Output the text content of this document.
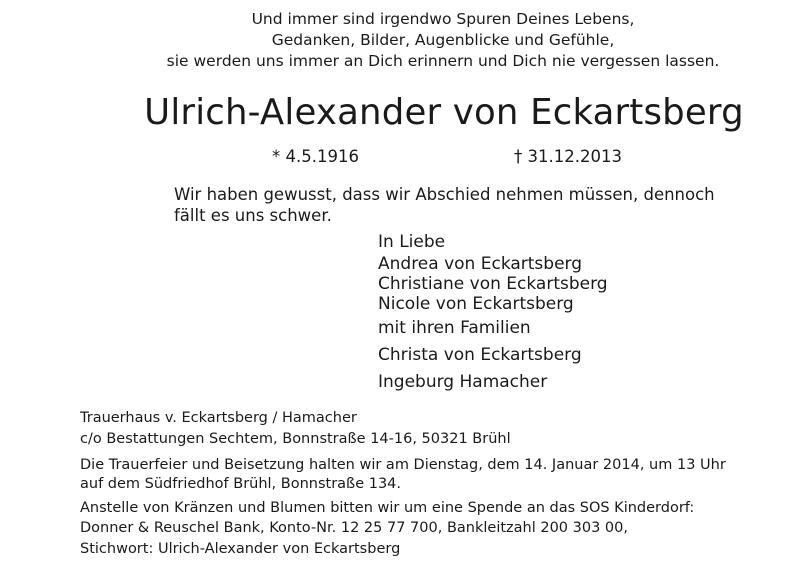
Und immer sind irgendwo Spuren Deines Lebens,
Gedanken, Bilder, Augenblicke und Gefühle,
sie werden uns immer an Dich erinnern und Dich nie vergessen lassen.
Ulrich-Alexander von Eckartsberg
* 4.5.1916	† 31.12.2013
Wir haben gewusst, dass wir Abschied nehmen müssen, dennoch
fällt es uns schwer.
In Liebe
Andrea von Eckartsberg
Christiane von Eckartsberg
Nicole von Eckartsberg
mit ihren Familien
Christa von Eckartsberg
Ingeburg Hamacher
Trauerhaus v. Eckartsberg / Hamacher
c/o Bestattungen Sechtem, Bonnstraße 14-16, 50321 Brühl
Die Trauerfeier und Beisetzung halten wir am Dienstag, dem 14. Januar 2014, um 13 Uhr
auf dem Südfriedhof Brühl, Bonnstraße 134.
Anstelle von Kränzen und Blumen bitten wir um eine Spende an das SOS Kinderdorf:
Donner & Reuschel Bank, Konto-Nr. 12 25 77 700, Bankleitzahl 200 303 00,
Stichwort: Ulrich-Alexander von Eckartsberg
